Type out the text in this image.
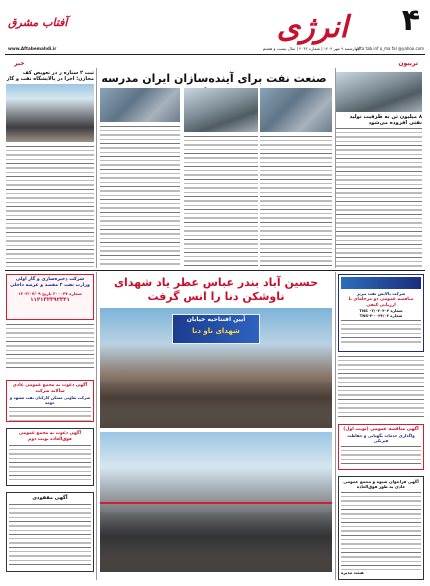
۴
انرژی
afta tab.inf o_ma fal @yahoo.com
چهارشنبه ۹ مهر ۱۴۰۴ | شماره ۴۰۳۲ | سال بیست و هشتم
www.Aftabemahdi.ir
آفتاب مشرق
تریبون
خبر
۸ میلیون تن به ظرفیت تولید نفتی افزوده می‌شود
صنعت نفت برای آینده‌سازان ایران مدرسه
ثبت ۲ ستاره ز در تعویض کف مخازن؛ اجرا در پالایشگاه نفت و گاز
شرکت ذخیره‌سازی و گاز اولی وزارت نفت ۲ مقصد و عرضه داخلی
شماره ۲۰۰۰۴۷ تاریخ ۱۴۰۴/۰۷/۰۹
۱۱۲۱۳۲۳۹۲۳۴۱
آگهی دعوت به مجمع عمومی عادی سالانه شرکت
شرکت تعاونی مسکن کارکنان نفت مشهد و حومه
آگهی دعوت به مجمع عمومی فوق‌العاده نوبت دوم
آگهی مفقودی
حسین آباد بندر عباس عطر یاد شهدای
ناوشکن دنا را انس گرفت
آیین افتتاحیه خیابان
شهدای ناو دنا
شرکت پالایش نفت تبریز
مناقصه عمومی دو مرحله‌ای با ارزیابی کیفی
شماره ۰۲/۰۳۰۴۰۳ TNS
شماره ۰۰۳۴/۰۳-۴-TNS
آگهی مناقصه عمومی (نوبت اول)
واگذاری خدمات نگهبانی و حفاظت فیزیکی
آگهی فراخوان شیوه و مجمع عمومی عادی به طور فوق‌العاده
هیئت مدیره
